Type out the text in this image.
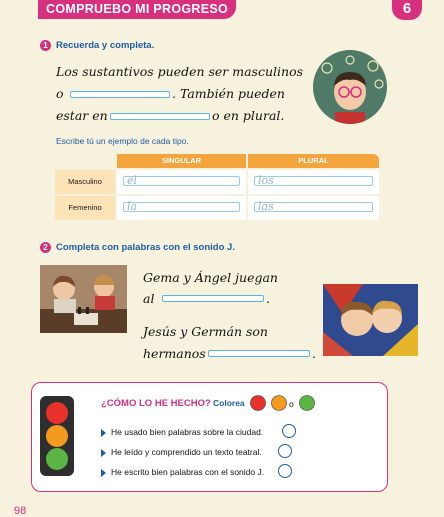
COMPRUEBO MI PROGRESO	6
1 Recuerda y completa.
Los sustantivos pueden ser masculinos
o	. También pueden
estar en	o en plural.
Escribe tú un ejemplo de cada tipo.
SINGULAR	PLURAL
Masculino	el	los
Femenino	la	las
2 Completa con palabras con el sonido J.
Gema y Ángel juegan
al	.
Jesús y Germán son
hermanos	.
¿CÓMO LO HE HECHO? Colorea	o
He usado bien palabras sobre la ciudad.
He leído y comprendido un texto teatral.
He escrito bien palabras con el sonido J.
98
